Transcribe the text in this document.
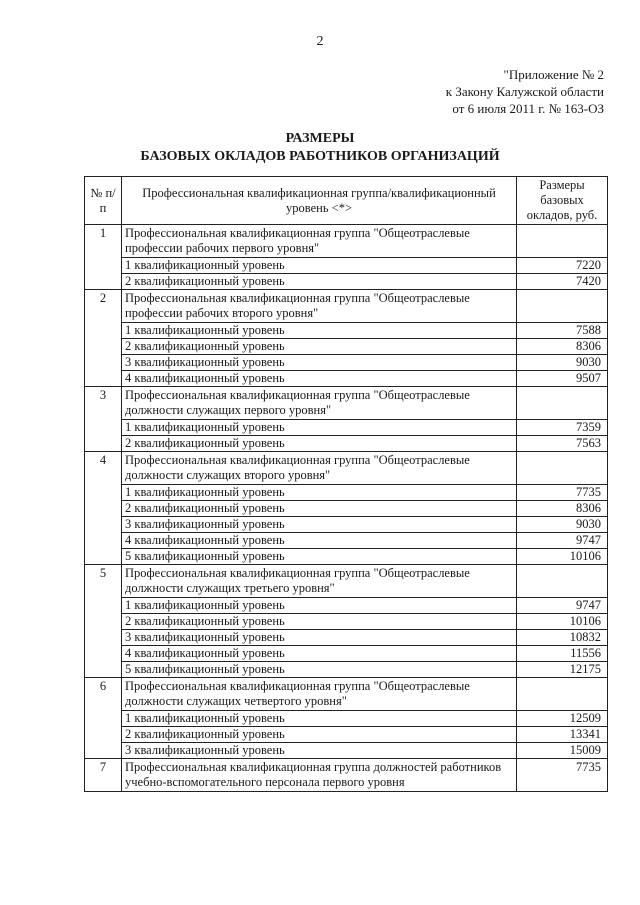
2
"Приложение № 2
к Закону Калужской области
от 6 июля 2011 г. № 163-ОЗ
РАЗМЕРЫ
БАЗОВЫХ ОКЛАДОВ РАБОТНИКОВ ОРГАНИЗАЦИЙ
№ п/п	Профессиональная квалификационная группа/квалификационный уровень <*>	Размеры базовых окладов, руб.
1	Профессиональная квалификационная группа "Общеотраслевые профессии рабочих первого уровня"	
	1 квалификационный уровень	7220
	2 квалификационный уровень	7420
2	Профессиональная квалификационная группа "Общеотраслевые профессии рабочих второго уровня"	
	1 квалификационный уровень	7588
	2 квалификационный уровень	8306
	3 квалификационный уровень	9030
	4 квалификационный уровень	9507
3	Профессиональная квалификационная группа "Общеотраслевые должности служащих первого уровня"	
	1 квалификационный уровень	7359
	2 квалификационный уровень	7563
4	Профессиональная квалификационная группа "Общеотраслевые должности служащих второго уровня"	
	1 квалификационный уровень	7735
	2 квалификационный уровень	8306
	3 квалификационный уровень	9030
	4 квалификационный уровень	9747
	5 квалификационный уровень	10106
5	Профессиональная квалификационная группа "Общеотраслевые должности служащих третьего уровня"	
	1 квалификационный уровень	9747
	2 квалификационный уровень	10106
	3 квалификационный уровень	10832
	4 квалификационный уровень	11556
	5 квалификационный уровень	12175
6	Профессиональная квалификационная группа "Общеотраслевые должности служащих четвертого уровня"	
	1 квалификационный уровень	12509
	2 квалификационный уровень	13341
	3 квалификационный уровень	15009
7	Профессиональная квалификационная группа должностей работников учебно-вспомогательного персонала первого уровня	7735
